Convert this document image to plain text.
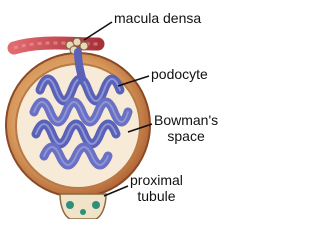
macula densa
podocyte
Bowman's
space
proximal
tubule
